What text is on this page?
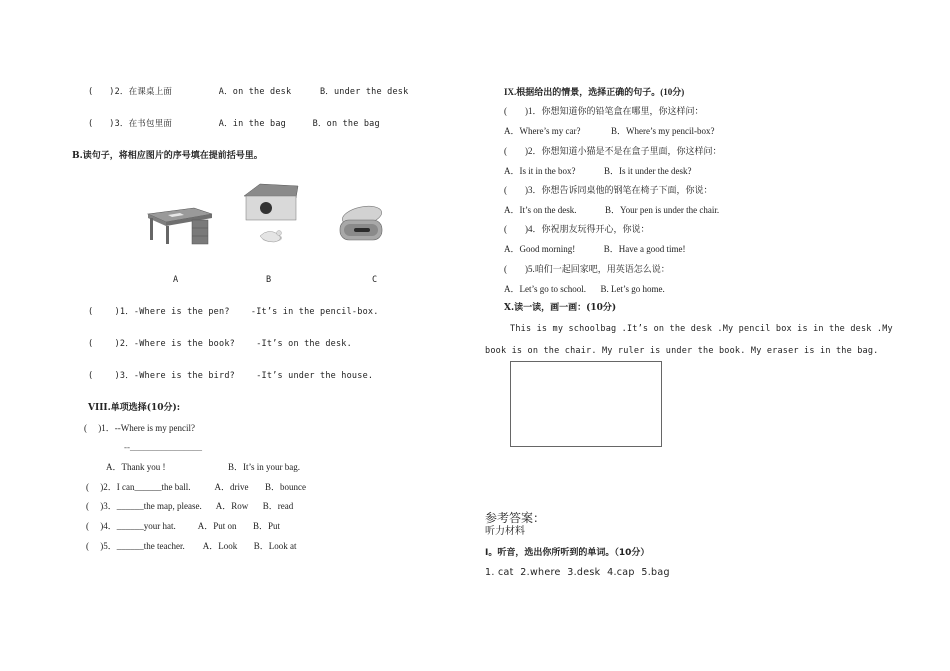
(   )2．在课桌上面	A．on the desk	B．under the desk
(   )3．在书包里面	A．in the bag	B．on the bag
B.读句子，将相应图片的序号填在提前括号里。
A	B	C
(    )1．-Where is the pen?    -It’s in the pencil-box.
(    )2．-Where is the book?    -It’s on the desk.
(    )3．-Where is the bird?    -It’s under the house.
VIII.单项选择(10分):
(     )1．--Where is my pencil?
--________________
A．Thank you !	B．It’s in your bag.
(     )2．I can______the ball.	A．drive B．bounce
(     )3．______the map, please. A．Row B．read
(     )4．______your hat. A．Put on B．Put
(     )5．______the teacher. A．Look B．Look at
IX.根据给出的情景，选择正确的句子。(10分)
(        )1．你想知道你的铅笔盒在哪里，你这样问：
A．Where’s my car?	B．Where’s my pencil-box?
(        )2．你想知道小猫是不是在盒子里面，你这样问：
A．Is it in the box?	B．Is it under the desk?
(        )3．你想告诉同桌他的钢笔在椅子下面，你说：
A．It’s on the desk.	B．Your pen is under the chair.
(        )4．你祝朋友玩得开心，你说：
A．Good morning!	B．Have a good time!
(        )5.咱们一起回家吧，用英语怎么说：
A．Let’s go to school. B. Let’s go home.
X.读一读，画一画：(10分)
This is my schoolbag .It’s on the desk .My pencil box is in the desk .My
book is on the chair. My ruler is under the book. My eraser is in the bag.
参考答案：
听力材料
Ⅰ。听音，选出你所听到的单词。（10分）
1. cat  2.where  3.desk  4.cap  5.bag
